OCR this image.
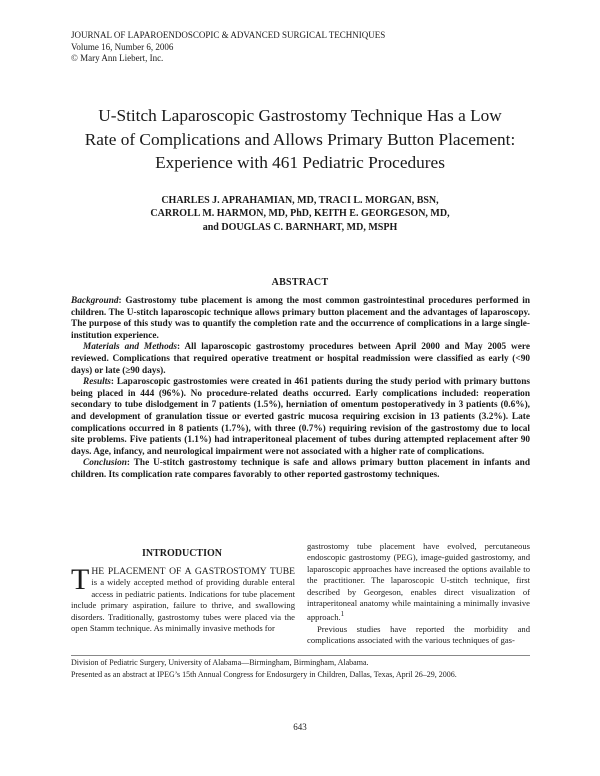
JOURNAL OF LAPAROENDOSCOPIC & ADVANCED SURGICAL TECHNIQUES
Volume 16, Number 6, 2006
© Mary Ann Liebert, Inc.
U-Stitch Laparoscopic Gastrostomy Technique Has a Low
Rate of Complications and Allows Primary Button Placement:
Experience with 461 Pediatric Procedures
CHARLES J. APRAHAMIAN, MD, TRACI L. MORGAN, BSN,
CARROLL M. HARMON, MD, PhD, KEITH E. GEORGESON, MD,
and DOUGLAS C. BARNHART, MD, MSPH
ABSTRACT

Background: Gastrostomy tube placement is among the most common gastrointestinal procedures performed in children. The U-stitch laparoscopic technique allows primary button placement and the advantages of laparoscopy. The purpose of this study was to quantify the completion rate and the occurrence of complications in a large single-institution experience.

Materials and Methods: All laparoscopic gastrostomy procedures between April 2000 and May 2005 were reviewed. Complications that required operative treatment or hospital readmission were classified as early (<90 days) or late (≥90 days).

Results: Laparoscopic gastrostomies were created in 461 patients during the study period with primary buttons being placed in 444 (96%). No procedure-related deaths occurred. Early complications included: reoperation secondary to tube dislodgement in 7 patients (1.5%), herniation of omentum postoperativedy in 3 patients (0.6%), and development of granulation tissue or everted gastric mucosa requiring excision in 13 patients (3.2%). Late complications occurred in 8 patients (1.7%), with three (0.7%) requiring revision of the gastrostomy due to local site problems. Five patients (1.1%) had intraperitoneal placement of tubes during attempted replacement after 90 days. Age, infancy, and neurological impairment were not associated with a higher rate of complications.

Conclusion: The U-stitch gastrostomy technique is safe and allows primary button placement in infants and children. Its complication rate compares favorably to other reported gastrostomy techniques.

INTRODUCTION

THE PLACEMENT OF A GASTROSTOMY TUBE is a widely accepted method of providing durable enteral access in pediatric patients. Indications for tube placement include primary aspiration, failure to thrive, and swallowing disorders. Traditionally, gastrostomy tubes were placed via the open Stamm technique. As minimally invasive methods for

gastrostomy tube placement have evolved, percutaneous endoscopic gastrostomy (PEG), image-guided gastrostomy, and laparoscopic approaches have increased the options available to the practitioner. The laparoscopic U-stitch technique, first described by Georgeson, enables direct visualization of intraperitoneal anatomy while maintaining a minimally invasive approach.$^1$

Previous studies have reported the morbidity and complications associated with the various techniques of gas-

Division of Pediatric Surgery, University of Alabama—Birmingham, Birmingham, Alabama.
Presented as an abstract at IPEG’s 15th Annual Congress for Endosurgery in Children, Dallas, Texas, April 26–29, 2006.
643
